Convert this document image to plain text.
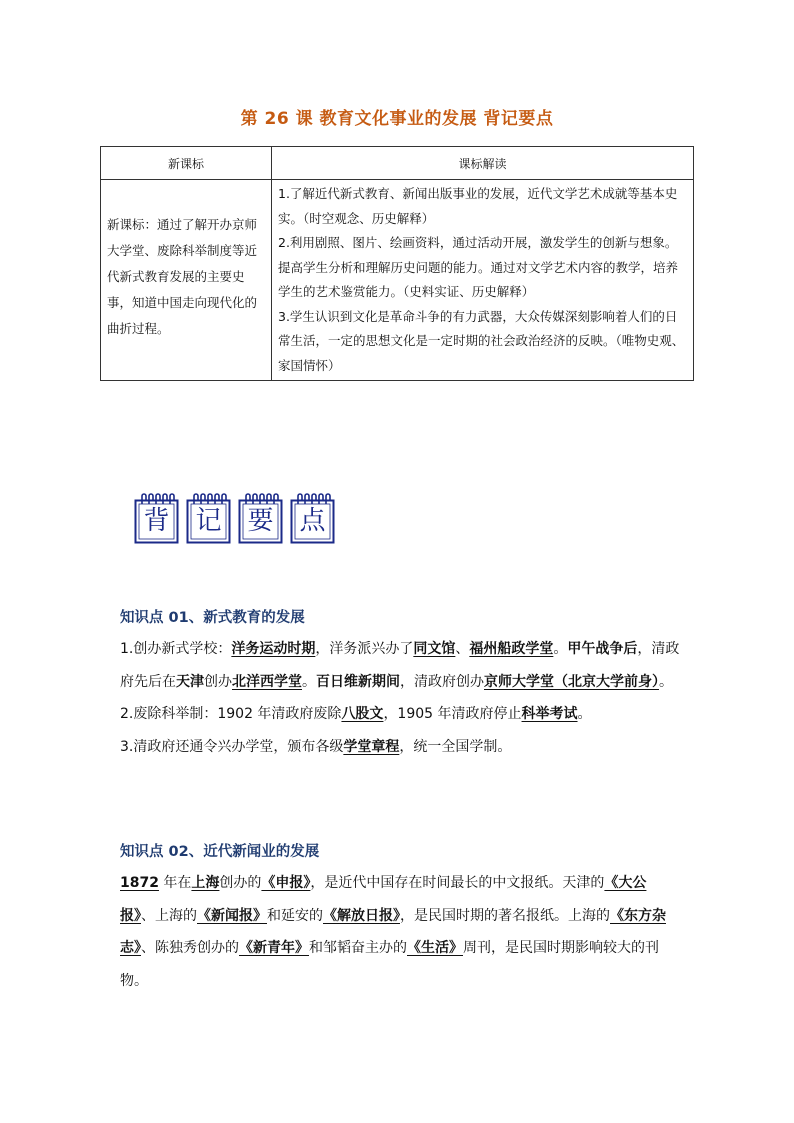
第 26 课 教育文化事业的发展 背记要点
新课标	课标解读
新课标：通过了解开办京师大学堂、废除科举制度等近代新式教育发展的主要史事，知道中国走向现代化的曲折过程。	1.了解近代新式教育、新闻出版事业的发展，近代文学艺术成就等基本史实。（时空观念、历史解释）

2.利用剧照、图片、绘画资料，通过活动开展，激发学生的创新与想象。提高学生分析和理解历史问题的能力。通过对文学艺术内容的教学，培养学生的艺术鉴赏能力。（史料实证、历史解释）

3.学生认识到文化是革命斗争的有力武器，大众传媒深刻影响着人们的日常生活，一定的思想文化是一定时期的社会政治经济的反映。（唯物史观、家国情怀）

背 记 要 点
知识点 01、新式教育的发展

1.创办新式学校：洋务运动时期，洋务派兴办了同文馆、福州船政学堂。甲午战争后，清政府先后在天津创办北洋西学堂。百日维新期间，清政府创办京师大学堂（北京大学前身）。

2.废除科举制：1902 年清政府废除八股文，1905 年清政府停止科举考试。

3.清政府还通令兴办学堂，颁布各级学堂章程，统一全国学制。

知识点 02、近代新闻业的发展

1872 年在上海创办的《申报》，是近代中国存在时间最长的中文报纸。天津的《大公报》、上海的《新闻报》和延安的《解放日报》，是民国时期的著名报纸。上海的《东方杂志》、陈独秀创办的《新青年》和邹韬奋主办的《生活》周刊，是民国时期影响较大的刊物。
